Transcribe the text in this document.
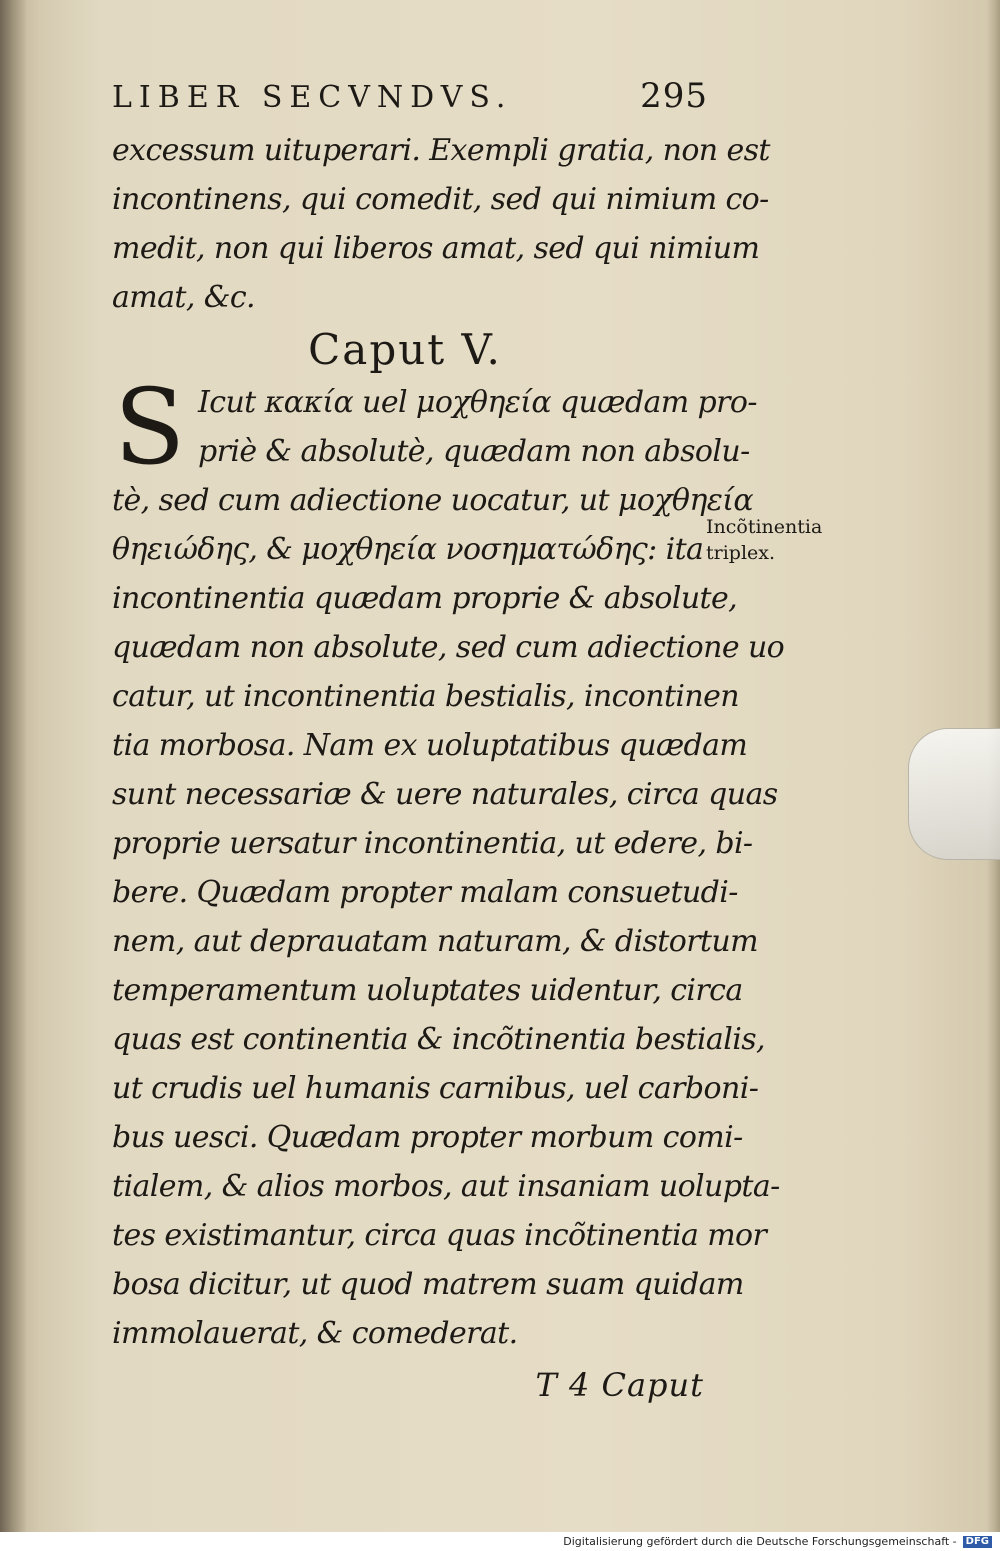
LIBER SECVNDVS.	295
excessum uituperari. Exempli gratia, non est
incontinens, qui comedit, sed qui nimium co-
medit, non qui liberos amat, sed qui nimium
amat, &c.
Caput V.
S Icut κακία uel μοχθηεία quædam pro-
priè & absolutè, quædam non absolu-
tè, sed cum adiectione uocatur, ut μοχθηεία
θηειώδης, & μοχθηεία νοσηματώδης: ita
incontinentia quædam proprie & absolute,
quædam non absolute, sed cum adiectione uo
catur, ut incontinentia bestialis, incontinen
tia morbosa. Nam ex uoluptatibus quædam
sunt necessariæ & uere naturales, circa quas
proprie uersatur incontinentia, ut edere, bi-
bere. Quædam propter malam consuetudi-
nem, aut deprauatam naturam, & distortum
temperamentum uoluptates uidentur, circa
quas est continentia & incõtinentia bestialis,
ut crudis uel humanis carnibus, uel carboni-
bus uesci. Quædam propter morbum comi-
tialem, & alios morbos, aut insaniam uolupta-
tes existimantur, circa quas incõtinentia mor
bosa dicitur, ut quod matrem suam quidam
immolauerat, & comederat.
T 4 Caput
Incõtinentia
triplex.
Digitalisierung gefördert durch die Deutsche Forschungsgemeinschaft - DFG
